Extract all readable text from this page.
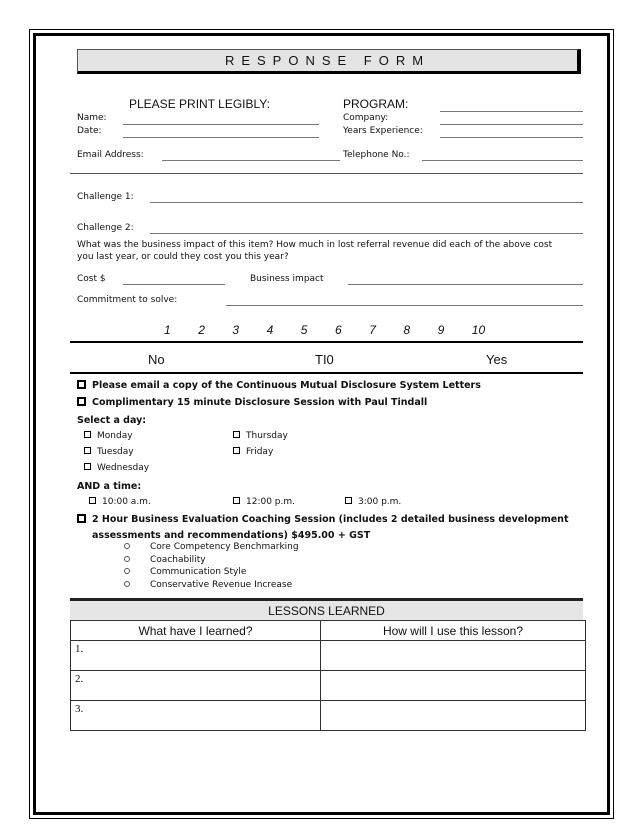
RESPONSE FORM
PLEASE PRINT LEGIBLY:	PROGRAM:
Name:	Company:
Date:	Years Experience:
Email Address:	Telephone No.:
Challenge 1:
Challenge 2:
What was the business impact of this item? How much in lost referral revenue did each of the above cost
you last year, or could they cost you this year?
Cost $	Business impact
Commitment to solve:
1 2 3 4 5 6 7 8 9 10
No	TI0	Yes
Please email a copy of the Continuous Mutual Disclosure System Letters
Complimentary 15 minute Disclosure Session with Paul Tindall
Select a day:
Monday	Thursday
Tuesday	Friday
Wednesday
AND a time:
10:00 a.m.	12:00 p.m.	3:00 p.m.
2 Hour Business Evaluation Coaching Session (includes 2 detailed business development
assessments and recommendations) $495.00 + GST
Core Competency Benchmarking
Coachability
Communication Style
Conservative Revenue Increase
LESSONS LEARNED
What have I learned?	How will I use this lesson?
1.	
2.	
3.	
